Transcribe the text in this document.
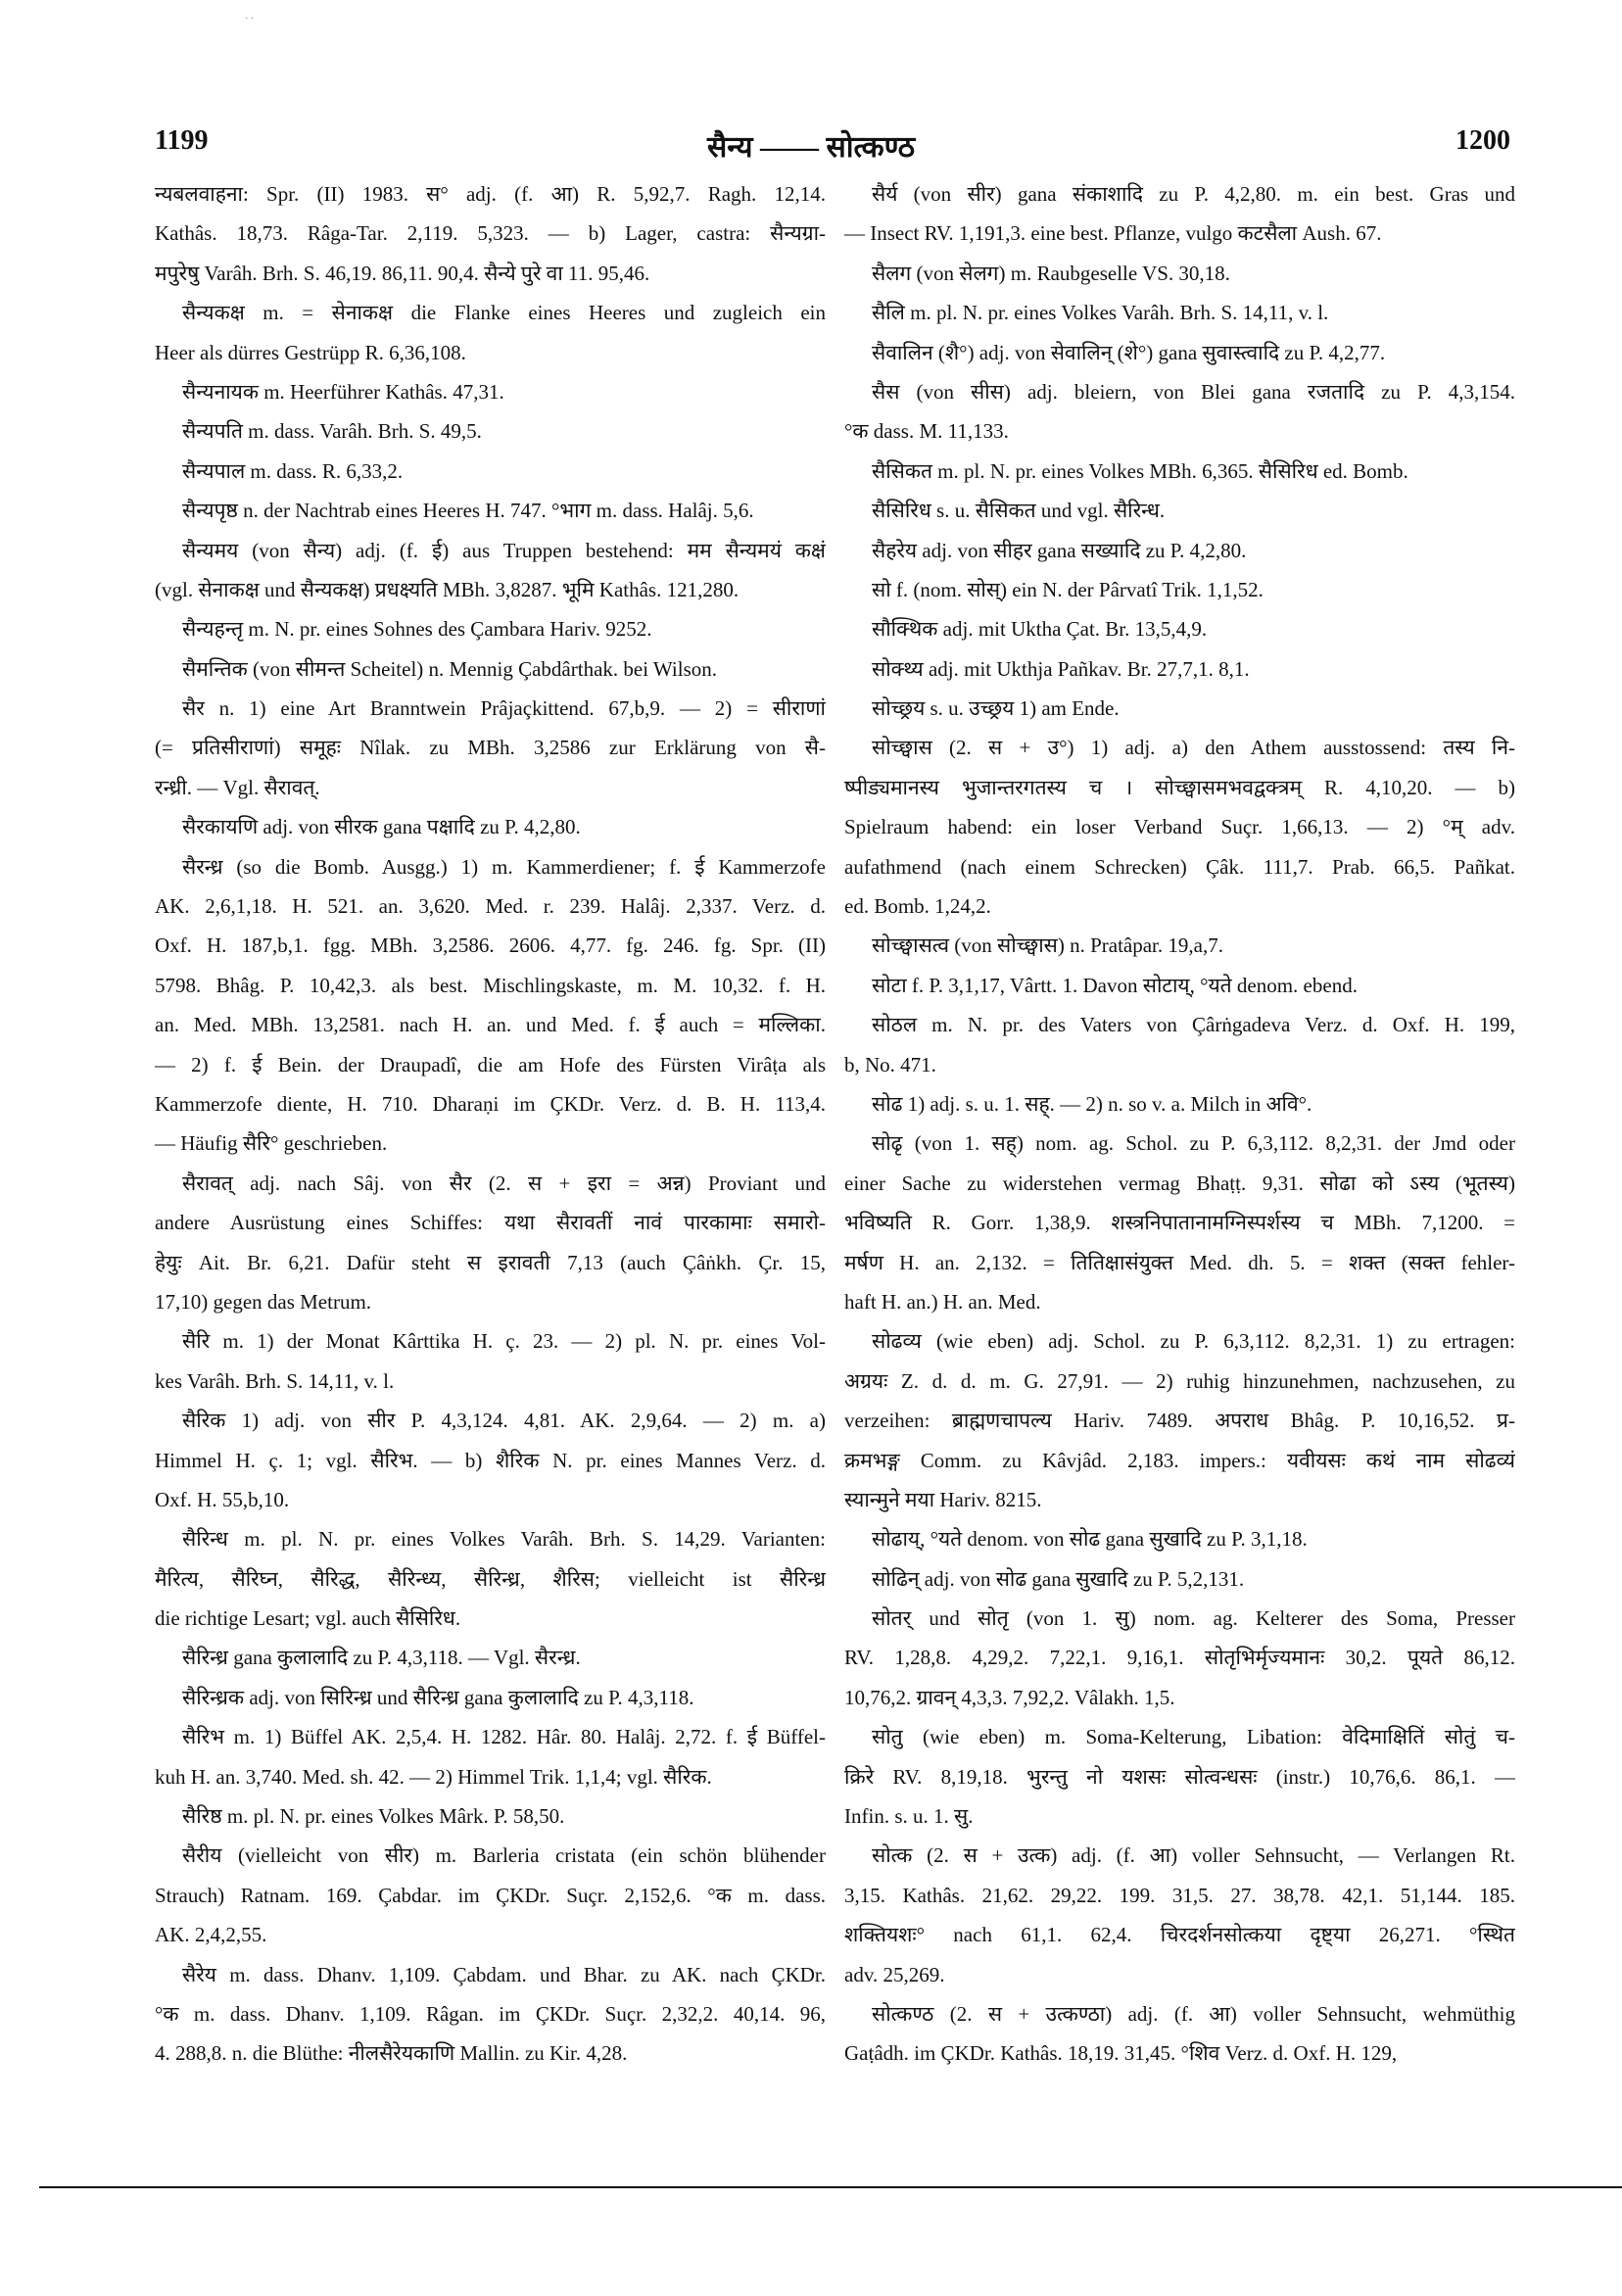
· ·
1199	सैन्य —— सोत्कण्ठ	1200
न्यबलवाहना: Spr. (II) 1983. स° adj. (f. आ) R. 5,92,7. Ragh. 12,14.
Kathâs. 18,73. Râga-Tar. 2,119. 5,323. — b) Lager, castra: सैन्यग्रा-
मपुरेषु Varâh. Brh. S. 46,19. 86,11. 90,4. सैन्ये पुरे वा 11. 95,46.
सैन्यकक्ष m. = सेनाकक्ष die Flanke eines Heeres und zugleich ein
Heer als dürres Gestrüpp R. 6,36,108.
सैन्यनायक m. Heerführer Kathâs. 47,31.
सैन्यपति m. dass. Varâh. Brh. S. 49,5.
सैन्यपाल m. dass. R. 6,33,2.
सैन्यपृष्ठ n. der Nachtrab eines Heeres H. 747. °भाग m. dass. Halâj. 5,6.
सैन्यमय (von सैन्य) adj. (f. ई) aus Truppen bestehend: मम सैन्यमयं कक्षं
(vgl. सेनाकक्ष und सैन्यकक्ष) प्रधक्ष्यति MBh. 3,8287. भूमि Kathâs. 121,280.
सैन्यहन्तृ m. N. pr. eines Sohnes des Çambara Hariv. 9252.
सैमन्तिक (von सीमन्त Scheitel) n. Mennig Çabdârthak. bei Wilson.
सैर n. 1) eine Art Branntwein Prâjaçkittend. 67,b,9. — 2) = सीराणां
(= प्रतिसीराणां) समूहः Nîlak. zu MBh. 3,2586 zur Erklärung von सै-
रन्ध्री. — Vgl. सैरावत्.
सैरकायणि adj. von सीरक gana पक्षादि zu P. 4,2,80.
सैरन्ध्र (so die Bomb. Ausgg.) 1) m. Kammerdiener; f. ई Kammerzofe
AK. 2,6,1,18. H. 521. an. 3,620. Med. r. 239. Halâj. 2,337. Verz. d.
Oxf. H. 187,b,1. fgg. MBh. 3,2586. 2606. 4,77. fg. 246. fg. Spr. (II)
5798. Bhâg. P. 10,42,3. als best. Mischlingskaste, m. M. 10,32. f. H.
an. Med. MBh. 13,2581. nach H. an. und Med. f. ई auch = मल्लिका.
— 2) f. ई Bein. der Draupadî, die am Hofe des Fürsten Virâṭa als
Kammerzofe diente, H. 710. Dharaṇi im ÇKDr. Verz. d. B. H. 113,4.
— Häufig सैरि° geschrieben.
सैरावत् adj. nach Sâj. von सैर (2. स + इरा = अन्न) Proviant und
andere Ausrüstung eines Schiffes: यथा सैरावतीं नावं पारकामाः समारो-
हेयुः Ait. Br. 6,21. Dafür steht स इरावती 7,13 (auch Çâṅkh. Çr. 15,
17,10) gegen das Metrum.
सैरि m. 1) der Monat Kârttika H. ç. 23. — 2) pl. N. pr. eines Vol-
kes Varâh. Brh. S. 14,11, v. l.
सैरिक 1) adj. von सीर P. 4,3,124. 4,81. AK. 2,9,64. — 2) m. a)
Himmel H. ç. 1; vgl. सैरिभ. — b) शैरिक N. pr. eines Mannes Verz. d.
Oxf. H. 55,b,10.
सैरिन्ध m. pl. N. pr. eines Volkes Varâh. Brh. S. 14,29. Varianten:
मैरित्य, सैरिघ्न, सैरिद्ध, सैरिन्ध्य, सैरिन्ध्र, शैरिस; vielleicht ist सैरिन्ध्र
die richtige Lesart; vgl. auch सैसिरिध.
सैरिन्ध्र gana कुलालादि zu P. 4,3,118. — Vgl. सैरन्ध्र.
सैरिन्ध्रक adj. von सिरिन्ध्र und सैरिन्ध्र gana कुलालादि zu P. 4,3,118.
सैरिभ m. 1) Büffel AK. 2,5,4. H. 1282. Hâr. 80. Halâj. 2,72. f. ई Büffel-
kuh H. an. 3,740. Med. sh. 42. — 2) Himmel Trik. 1,1,4; vgl. सैरिक.
सैरिष्ठ m. pl. N. pr. eines Volkes Mârk. P. 58,50.
सैरीय (vielleicht von सीर) m. Barleria cristata (ein schön blühender
Strauch) Ratnam. 169. Çabdar. im ÇKDr. Suçr. 2,152,6. °क m. dass.
AK. 2,4,2,55.
सैरेय m. dass. Dhanv. 1,109. Çabdam. und Bhar. zu AK. nach ÇKDr.
°क m. dass. Dhanv. 1,109. Râgan. im ÇKDr. Suçr. 2,32,2. 40,14. 96,
4. 288,8. n. die Blüthe: नीलसैरेयकाणि Mallin. zu Kir. 4,28.
सैर्य (von सीर) gana संकाशादि zu P. 4,2,80. m. ein best. Gras und
— Insect RV. 1,191,3. eine best. Pflanze, vulgo कटसैला Aush. 67.
सैलग (von सेलग) m. Raubgeselle VS. 30,18.
सैलि m. pl. N. pr. eines Volkes Varâh. Brh. S. 14,11, v. l.
सैवालिन (शै°) adj. von सेवालिन् (शे°) gana सुवास्त्वादि zu P. 4,2,77.
सैस (von सीस) adj. bleiern, von Blei gana रजतादि zu P. 4,3,154.
°क dass. M. 11,133.
सैसिकत m. pl. N. pr. eines Volkes MBh. 6,365. सैसिरिध ed. Bomb.
सैसिरिध s. u. सैसिकत und vgl. सैरिन्ध.
सैहरेय adj. von सीहर gana सख्यादि zu P. 4,2,80.
सो f. (nom. सोस्) ein N. der Pârvatî Trik. 1,1,52.
सौक्थिक adj. mit Uktha Çat. Br. 13,5,4,9.
सोक्थ्य adj. mit Ukthja Pañkav. Br. 27,7,1. 8,1.
सोच्छ्रय s. u. उच्छ्रय 1) am Ende.
सोच्छ्वास (2. स + उ°) 1) adj. a) den Athem ausstossend: तस्य नि-
ष्पीड्यमानस्य भुजान्तरगतस्य च । सोच्छ्वासमभवद्वक्त्रम् R. 4,10,20. — b)
Spielraum habend: ein loser Verband Suçr. 1,66,13. — 2) °म् adv.
aufathmend (nach einem Schrecken) Çâk. 111,7. Prab. 66,5. Pañkat.
ed. Bomb. 1,24,2.
सोच्छ्वासत्व (von सोच्छ्वास) n. Pratâpar. 19,a,7.
सोटा f. P. 3,1,17, Vârtt. 1. Davon सोटाय्, °यते denom. ebend.
सोठल m. N. pr. des Vaters von Çârṅgadeva Verz. d. Oxf. H. 199,
b, No. 471.
सोढ 1) adj. s. u. 1. सह्. — 2) n. so v. a. Milch in अवि°.
सोढृ (von 1. सह्) nom. ag. Schol. zu P. 6,3,112. 8,2,31. der Jmd oder
einer Sache zu widerstehen vermag Bhaṭṭ. 9,31. सोढा को ऽस्य (भूतस्य)
भविष्यति R. Gorr. 1,38,9. शस्त्रनिपातानामग्निस्पर्शस्य च MBh. 7,1200. =
मर्षण H. an. 2,132. = तितिक्षासंयुक्त Med. dh. 5. = शक्त (सक्त fehler-
haft H. an.) H. an. Med.
सोढव्य (wie eben) adj. Schol. zu P. 6,3,112. 8,2,31. 1) zu ertragen:
अग्रयः Z. d. d. m. G. 27,91. — 2) ruhig hinzunehmen, nachzusehen, zu
verzeihen: ब्राह्मणचापल्य Hariv. 7489. अपराध Bhâg. P. 10,16,52. प्र-
क्रमभङ्ग Comm. zu Kâvjâd. 2,183. impers.: यवीयसः कथं नाम सोढव्यं
स्यान्मुने मया Hariv. 8215.
सोढाय्, °यते denom. von सोढ gana सुखादि zu P. 3,1,18.
सोढिन् adj. von सोढ gana सुखादि zu P. 5,2,131.
सोतर् und सोतृ (von 1. सु) nom. ag. Kelterer des Soma, Presser
RV. 1,28,8. 4,29,2. 7,22,1. 9,16,1. सोतृभिर्मृज्यमानः 30,2. पूयते 86,12.
10,76,2. ग्रावन् 4,3,3. 7,92,2. Vâlakh. 1,5.
सोतु (wie eben) m. Soma-Kelterung, Libation: वेदिमाक्षितिं सोतुं च-
क्रिरे RV. 8,19,18. भुरन्तु नो यशसः सोत्वन्धसः (instr.) 10,76,6. 86,1. —
Infin. s. u. 1. सु.
सोत्क (2. स + उत्क) adj. (f. आ) voller Sehnsucht, — Verlangen Rt.
3,15. Kathâs. 21,62. 29,22. 199. 31,5. 27. 38,78. 42,1. 51,144. 185.
शक्तियशः° nach 61,1. 62,4. चिरदर्शनसोत्कया दृष्ट्या 26,271. °स्थित
adv. 25,269.
सोत्कण्ठ (2. स + उत्कण्ठा) adj. (f. आ) voller Sehnsucht, wehmüthig
Gaṭâdh. im ÇKDr. Kathâs. 18,19. 31,45. °शिव Verz. d. Oxf. H. 129,
